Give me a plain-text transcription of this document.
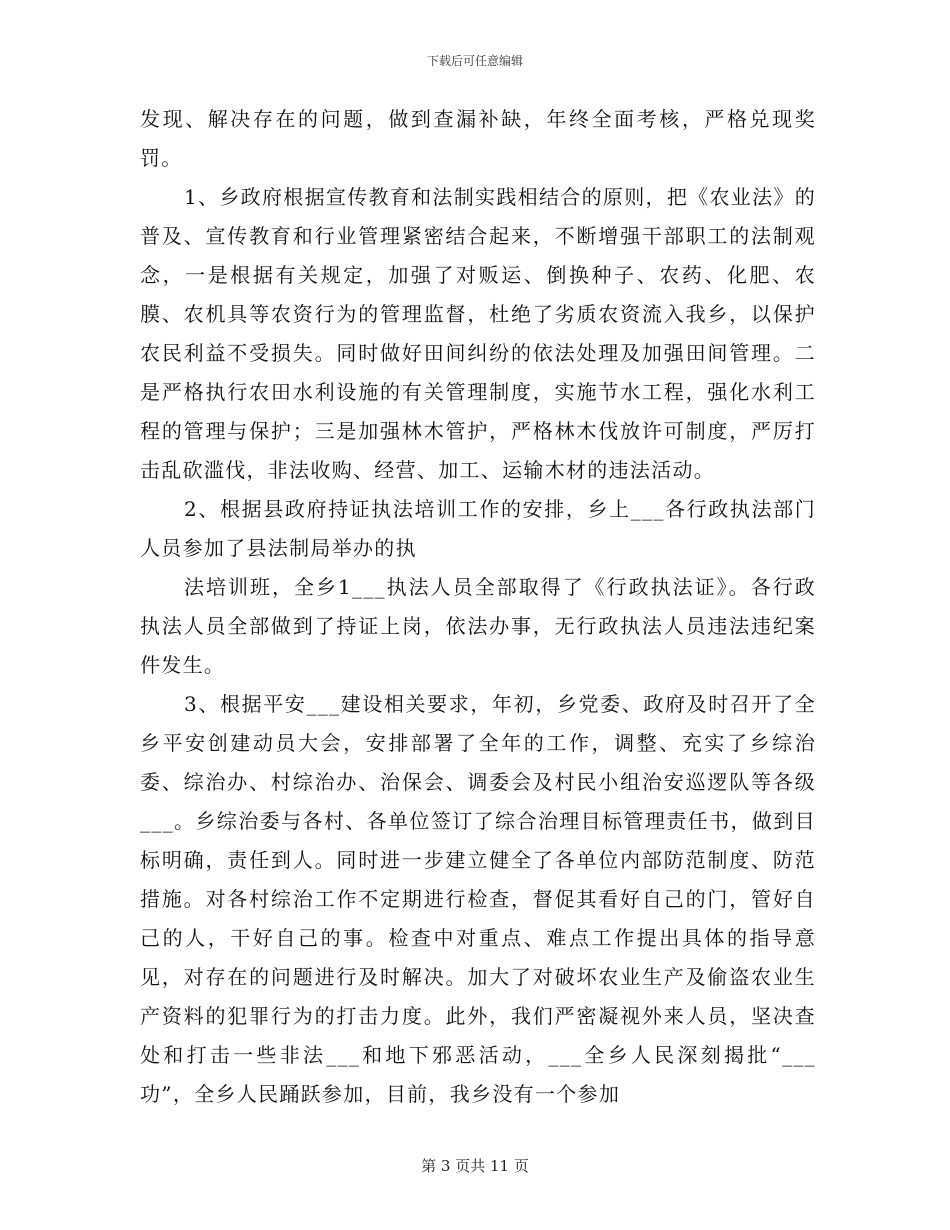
下载后可任意编辑

发现、解决存在的问题，做到查漏补缺，年终全面考核，严格兑现奖罚。

1、乡政府根据宣传教育和法制实践相结合的原则，把《农业法》的普及、宣传教育和行业管理紧密结合起来，不断增强干部职工的法制观念，一是根据有关规定，加强了对贩运、倒换种子、农药、化肥、农膜、农机具等农资行为的管理监督，杜绝了劣质农资流入我乡，以保护农民利益不受损失。同时做好田间纠纷的依法处理及加强田间管理。二是严格执行农田水利设施的有关管理制度，实施节水工程，强化水利工程的管理与保护；三是加强林木管护，严格林木伐放许可制度，严厉打击乱砍滥伐，非法收购、经营、加工、运输木材的违法活动。

2、根据县政府持证执法培训工作的安排，乡上___各行政执法部门人员参加了县法制局举办的执

法培训班，全乡1___执法人员全部取得了《行政执法证》。各行政执法人员全部做到了持证上岗，依法办事，无行政执法人员违法违纪案件发生。

3、根据平安___建设相关要求，年初，乡党委、政府及时召开了全乡平安创建动员大会，安排部署了全年的工作，调整、充实了乡综治委、综治办、村综治办、治保会、调委会及村民小组治安巡逻队等各级___。乡综治委与各村、各单位签订了综合治理目标管理责任书，做到目标明确，责任到人。同时进一步建立健全了各单位内部防范制度、防范措施。对各村综治工作不定期进行检查，督促其看好自己的门，管好自己的人，干好自己的事。检查中对重点、难点工作提出具体的指导意见，对存在的问题进行及时解决。加大了对破坏农业生产及偷盗农业生产资料的犯罪行为的打击力度。此外，我们严密凝视外来人员，坚决查处和打击一些非法___和地下邪恶活动，___全乡人民深刻揭批“___功”，全乡人民踊跃参加，目前，我乡没有一个参加

第 3 页共 11 页
